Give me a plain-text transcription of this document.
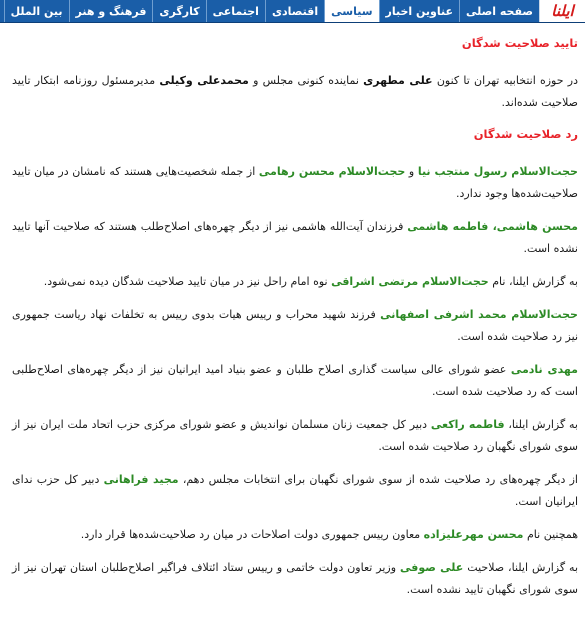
ایلنا
صفحه اصلی
عناوین اخبار
سیاسی
اقتصادی
اجتماعی
کارگری
فرهنگ و هنر
بین الملل
تایید صلاحیت شدگان

در حوزه انتخابیه تهران تا کنون علی مطهری نماینده کنونی مجلس و محمدعلی وکیلی مدیرمسئول روزنامه ابتکار تایید صلاحیت شده‌اند.

رد صلاحیت شدگان

حجت‌الاسلام رسول منتجب نیا و حجت‌الاسلام محسن رهامی از جمله شخصیت‌هایی هستند که نامشان در میان تایید صلاحیت‌شده‌ها وجود ندارد.

محسن هاشمی، فاطمه هاشمی فرزندان آیت‌الله هاشمی نیز از دیگر چهره‌های اصلاح‌طلب هستند که صلاحیت آنها تایید نشده است.

به گزارش ایلنا، نام حجت‌الاسلام مرتضی اشراقی نوه امام راحل نیز در میان تایید صلاحیت شدگان دیده نمی‌شود.

حجت‌الاسلام محمد اشرفی اصفهانی فرزند شهید محراب و رییس هیات بدوی رییس به تخلفات نهاد ریاست جمهوری نیز رد صلاحیت شده است.

مهدی نادمی عضو شورای عالی سیاست گذاری اصلاح طلبان و عضو بنیاد امید ایرانیان نیز از دیگر چهره‌های اصلاح‌طلبی است که رد صلاحیت شده است.

به گزارش ایلنا، فاطمه راکعی دبیر کل جمعیت زنان مسلمان نواندیش و عضو شورای مرکزی حزب اتحاد ملت ایران نیز از سوی شورای نگهبان رد صلاحیت شده است.

از دیگر چهره‌های رد صلاحیت شده از سوی شورای نگهبان برای انتخابات مجلس دهم، مجید فراهانی دبیر کل حزب ندای ایرانیان است.

همچنین نام محسن مهرعلیزاده معاون رییس جمهوری دولت اصلاحات در میان رد صلاحیت‌شده‌ها قرار دارد.

به گزارش ایلنا، صلاحیت علی صوفی وزیر تعاون دولت خاتمی و رییس ستاد ائتلاف فراگیر اصلاح‌طلبان استان تهران نیز از سوی شورای نگهبان تایید نشده است.
